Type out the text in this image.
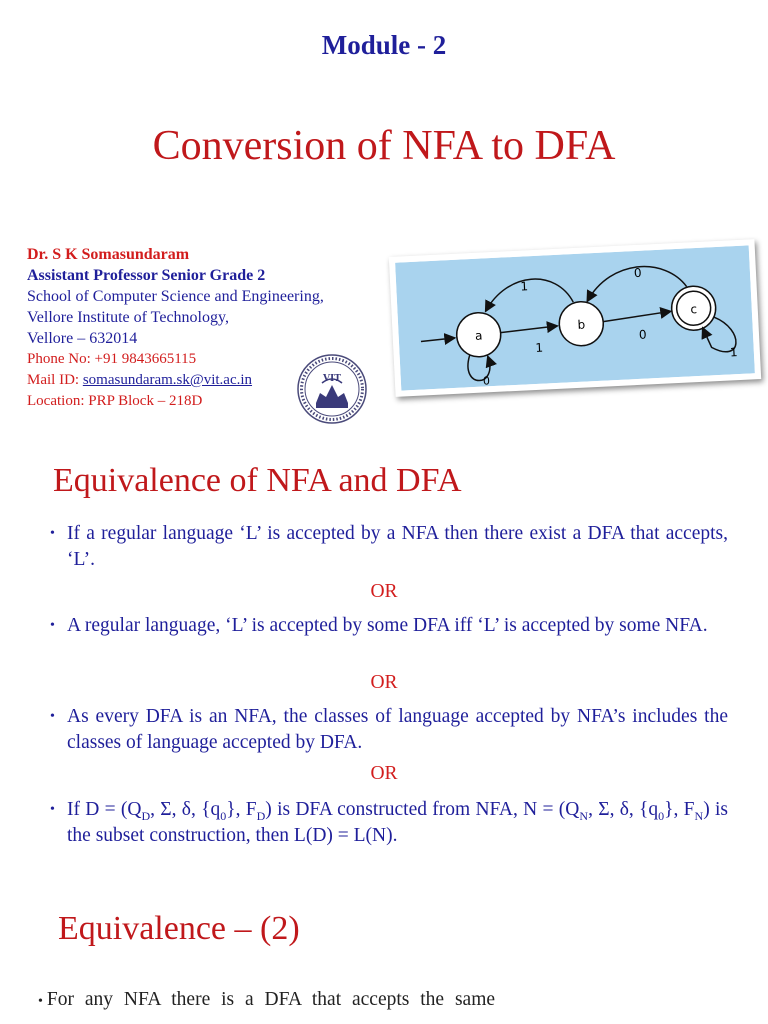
Module - 2
Conversion of NFA to DFA
Dr. S K Somasundaram
Assistant Professor Senior Grade 2
School of Computer Science and Engineering,
Vellore Institute of Technology,
Vellore – 632014
Phone No: +91 9843665115
Mail ID: somasundaram.sk@vit.ac.in
Location: PRP Block – 218D
a
b
c
1
1
0
0
0
1
VIT
Equivalence of NFA and DFA
• If a regular language ‘L’ is accepted by a NFA then there exist a DFA that accepts, ‘L’.
OR
• A regular language, ‘L’ is accepted by some DFA iff ‘L’ is accepted by some NFA.
OR
• As every DFA is an NFA, the classes of language accepted by NFA’s includes the classes of language accepted by DFA.
OR
• If $D = (Q_D$, Σ, δ, $\{q_0\}$, $F_D$) is DFA constructed from NFA, $N = (Q_N$, Σ, δ, $\{q_0\}$, $F_N$) is the subset construction, then L(D) = L(N).
Equivalence – (2)
• For any NFA there is a DFA that accepts the same
